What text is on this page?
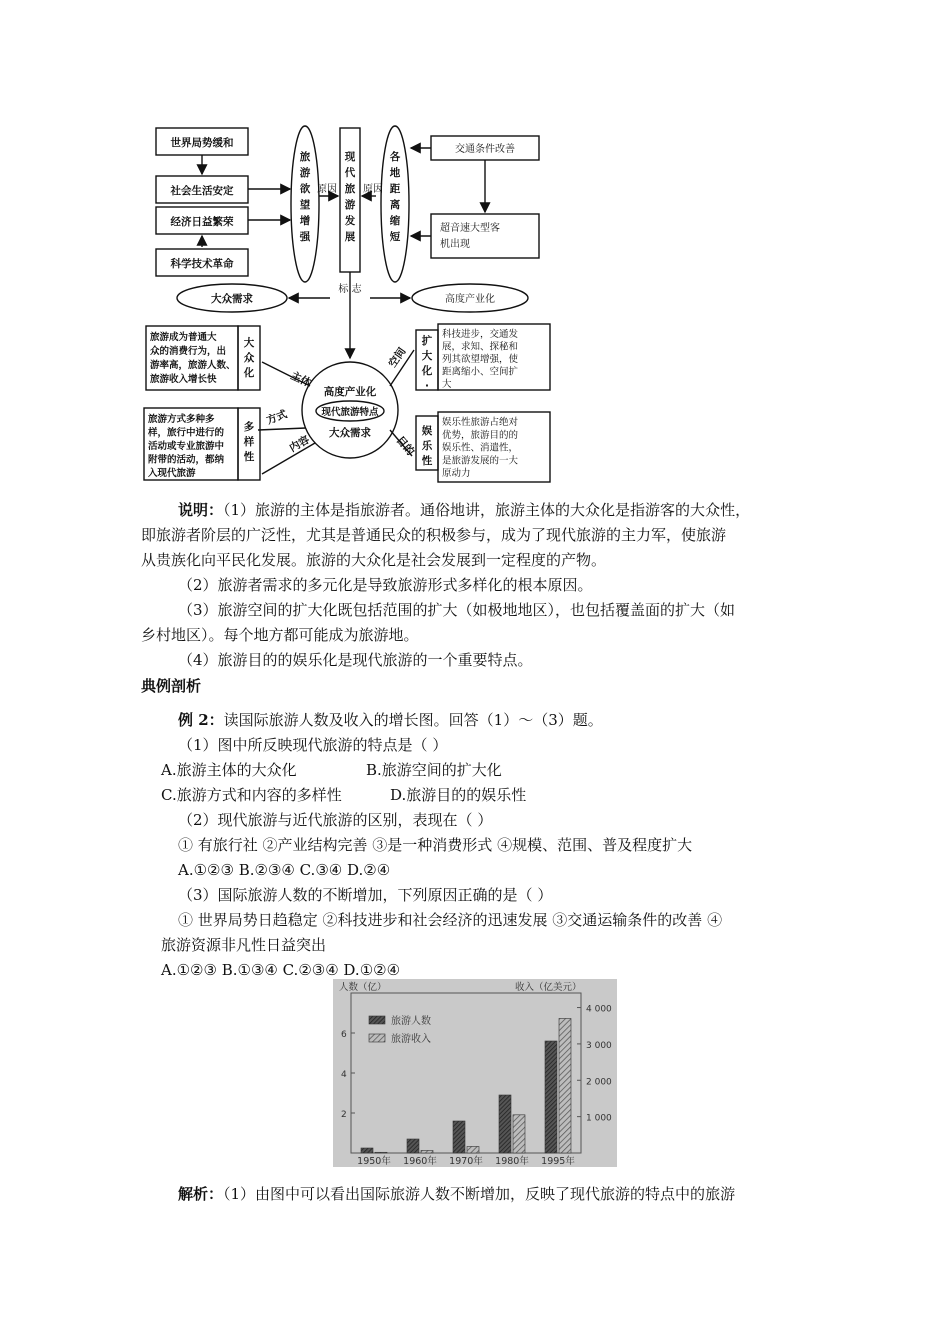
世界局势缓和
社会生活安定
经济日益繁荣
科学技术革命
旅游欲望增强
现代旅游发展
各地距离缩短
原因	原因
交通条件改善
超音速大型客
机出现
高度产业化
标 志
大众需求
高度产业化
现代旅游特点
大众需求
主体
空间
方式
内容	目的
旅游成为普通大
众的消费行为，出
游率高，旅游人数、
旅游收入增长快
旅游方式多种多
样，旅行中进行的
活动或专业旅游中
附带的活动，都纳
入现代旅游
科技进步，交通发
展，求知、探秘和
列其欲望增强，使
距离缩小、空间扩
大
娱乐性旅游占绝对
优势，旅游目的的
娱乐性、消遣性，
是旅游发展的一大
原动力
大众化
多样性
扩大化·
娱乐性
说明：（1）旅游的主体是指旅游者。通俗地讲，旅游主体的大众化是指游客的大众性，
即旅游者阶层的广泛性，尤其是普通民众的积极参与，成为了现代旅游的主力军，使旅游
从贵族化向平民化发展。旅游的大众化是社会发展到一定程度的产物。
（2）旅游者需求的多元化是导致旅游形式多样化的根本原因。
（3）旅游空间的扩大化既包括范围的扩大（如极地地区），也包括覆盖面的扩大（如
乡村地区）。每个地方都可能成为旅游地。
（4）旅游目的的娱乐化是现代旅游的一个重要特点。
典例剖析
例 2：读国际旅游人数及收入的增长图。回答（1）～（3）题。
（1）图中所反映现代旅游的特点是（ ）
A.旅游主体的大众化	B.旅游空间的扩大化
C.旅游方式和内容的多样性	D.旅游目的的娱乐性
（2）现代旅游与近代旅游的区别，表现在（ ）
① 有旅行社 ②产业结构完善 ③是一种消费形式 ④规模、范围、普及程度扩大
A.①②③ B.②③④ C.③④ D.②④
（3）国际旅游人数的不断增加，下列原因正确的是（ ）
① 世界局势日趋稳定 ②科技进步和社会经济的迅速发展 ③交通运输条件的改善 ④
旅游资源非凡性日益突出
A.①②③ B.①③④ C.②③④ D.①②④
人数（亿）	收入（亿美元）
2
4
6
1 000
2 000
3 000
4 000
1950年 1960年 1970年 1980年 1995年
旅游人数
旅游收入
解析：（1）由图中可以看出国际旅游人数不断增加，反映了现代旅游的特点中的旅游
